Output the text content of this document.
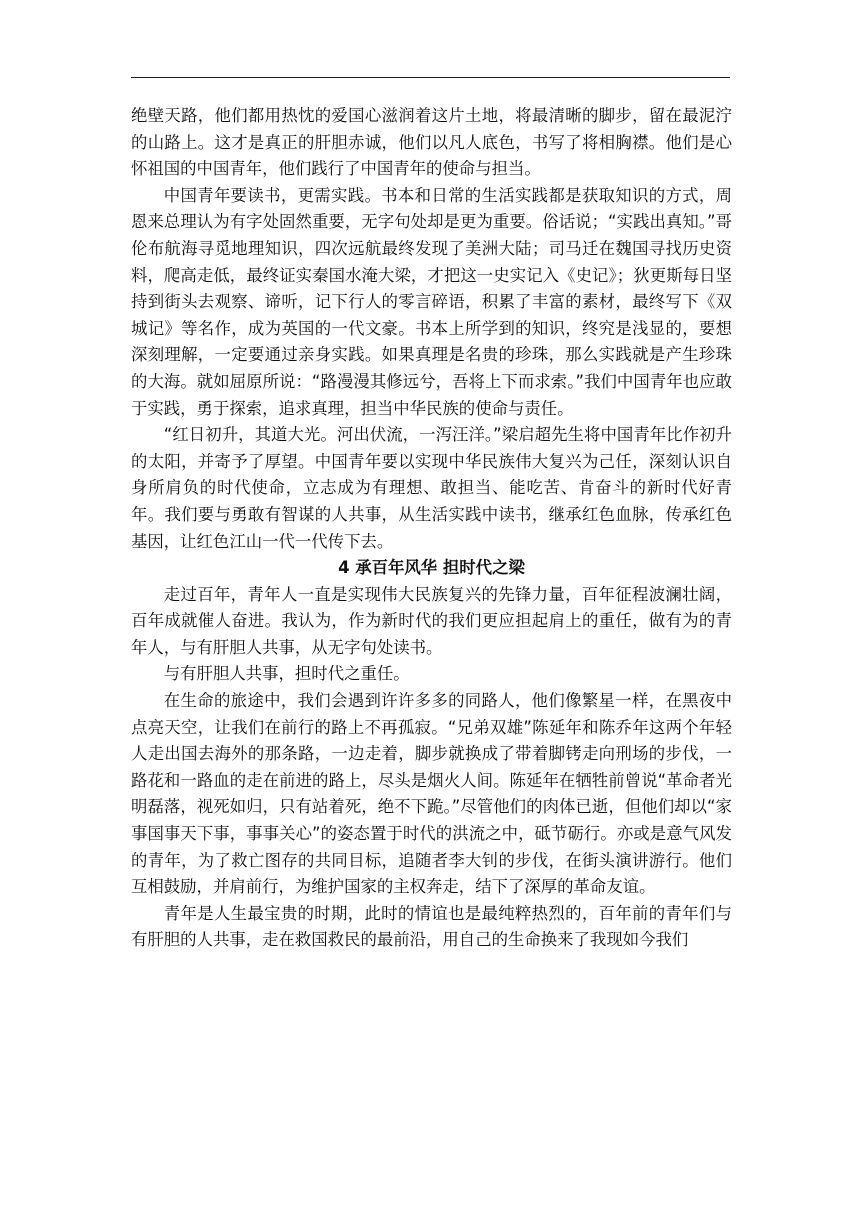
绝壁天路，他们都用热忱的爱国心滋润着这片土地，将最清晰的脚步，留在最泥泞的山路上。这才是真正的肝胆赤诚，他们以凡人底色，书写了将相胸襟。他们是心怀祖国的中国青年，他们践行了中国青年的使命与担当。

中国青年要读书，更需实践。书本和日常的生活实践都是获取知识的方式，周恩来总理认为有字处固然重要，无字句处却是更为重要。俗话说；“实践出真知。”哥伦布航海寻觅地理知识，四次远航最终发现了美洲大陆；司马迁在魏国寻找历史资料，爬高走低，最终证实秦国水淹大梁，才把这一史实记入《史记》；狄更斯每日坚持到街头去观察、谛听，记下行人的零言碎语，积累了丰富的素材，最终写下《双城记》等名作，成为英国的一代文豪。书本上所学到的知识，终究是浅显的，要想深刻理解，一定要通过亲身实践。如果真理是名贵的珍珠，那么实践就是产生珍珠的大海。就如屈原所说：“路漫漫其修远兮，吾将上下而求索。”我们中国青年也应敢于实践，勇于探索，追求真理，担当中华民族的使命与责任。

“红日初升，其道大光。河出伏流，一泻汪洋。”梁启超先生将中国青年比作初升的太阳，并寄予了厚望。中国青年要以实现中华民族伟大复兴为己任，深刻认识自身所肩负的时代使命，立志成为有理想、敢担当、能吃苦、肯奋斗的新时代好青年。我们要与勇敢有智谋的人共事，从生活实践中读书，继承红色血脉，传承红色基因，让红色江山一代一代传下去。

4 承百年风华 担时代之梁

走过百年，青年人一直是实现伟大民族复兴的先锋力量，百年征程波澜壮阔，百年成就催人奋进。我认为，作为新时代的我们更应担起肩上的重任，做有为的青年人，与有肝胆人共事，从无字句处读书。

与有肝胆人共事，担时代之重任。

在生命的旅途中，我们会遇到许许多多的同路人，他们像繁星一样，在黑夜中点亮天空，让我们在前行的路上不再孤寂。“兄弟双雄”陈延年和陈乔年这两个年轻人走出国去海外的那条路，一边走着，脚步就换成了带着脚铐走向刑场的步伐，一路花和一路血的走在前进的路上，尽头是烟火人间。陈延年在牺牲前曾说“革命者光明磊落，视死如归，只有站着死，绝不下跪。”尽管他们的肉体已逝，但他们却以“家事国事天下事，事事关心”的姿态置于时代的洪流之中，砥节砺行。亦或是意气风发的青年，为了救亡图存的共同目标，追随者李大钊的步伐，在街头演讲游行。他们互相鼓励，并肩前行，为维护国家的主权奔走，结下了深厚的革命友谊。

青年是人生最宝贵的时期，此时的情谊也是最纯粹热烈的，百年前的青年们与有肝胆的人共事，走在救国救民的最前沿，用自己的生命换来了我现如今我们
